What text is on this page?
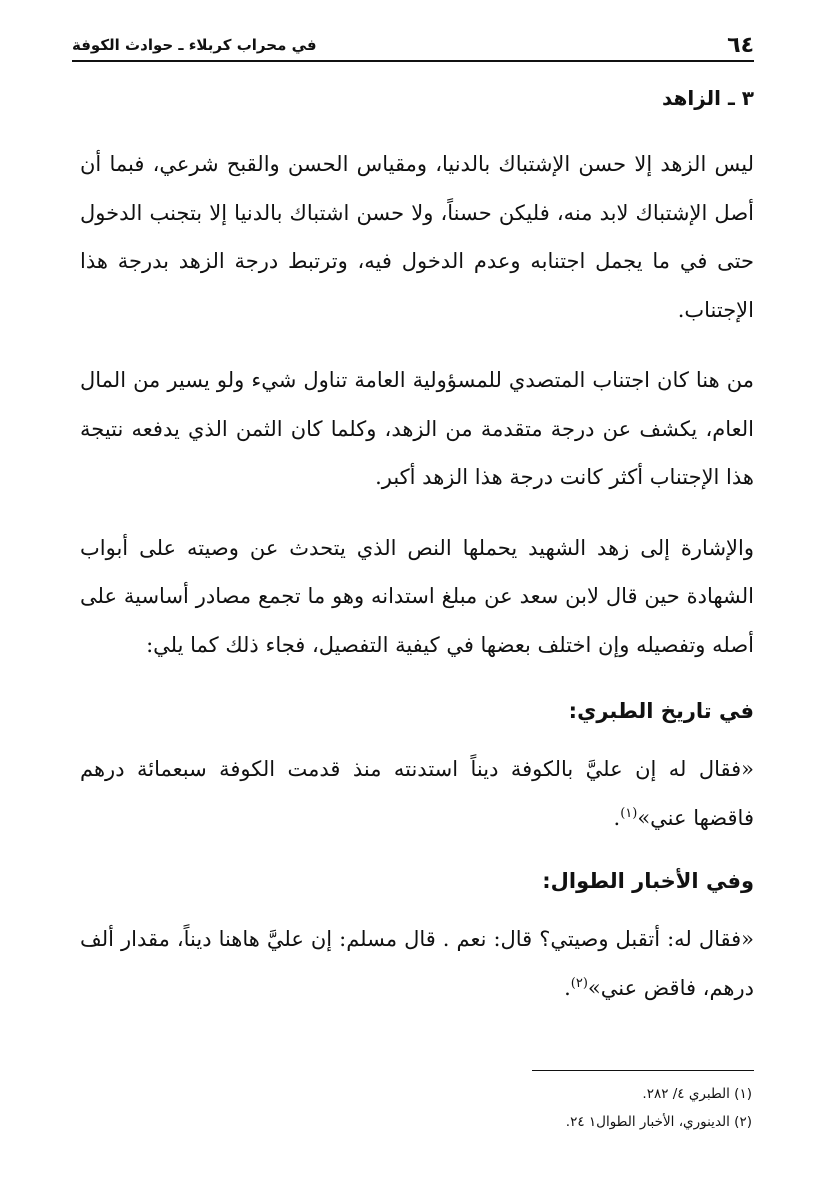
٦٤
في محراب كربلاء ـ حوادث الكوفة
٣ ـ الزاهد

ليس الزهد إلا حسن الإشتباك بالدنيا، ومقياس الحسن والقبح شرعي، فبما أن أصل الإشتباك لابد منه، فليكن حسناً، ولا حسن اشتباك بالدنيا إلا بتجنب الدخول حتى في ما يجمل اجتنابه وعدم الدخول فيه، وترتبط درجة الزهد بدرجة هذا الإجتناب.

من هنا كان اجتناب المتصدي للمسؤولية العامة تناول شيء ولو يسير من المال العام، يكشف عن درجة متقدمة من الزهد، وكلما كان الثمن الذي يدفعه نتيجة هذا الإجتناب أكثر كانت درجة هذا الزهد أكبر.

والإشارة إلى زهد الشهيد يحملها النص الذي يتحدث عن وصيته على أبواب الشهادة حين قال لابن سعد عن مبلغ استدانه وهو ما تجمع مصادر أساسية على أصله وتفصيله وإن اختلف بعضها في كيفية التفصيل، فجاء ذلك كما يلي:

في تاريخ الطبري:

«فقال له إن عليَّ بالكوفة ديناً استدنته منذ قدمت الكوفة سبعمائة درهم فاقضها عني»$^{(١)}$.

وفي الأخبار الطوال:

«فقال له: أتقبل وصيتي؟ قال: نعم . قال مسلم: إن عليَّ هاهنا ديناً، مقدار ألف درهم، فاقض عني»$^{(٢)}$.

(١) الطبري ٤/ ٢٨٢.
(٢) الدينوري، الأخبار الطوال١ ٢٤.
